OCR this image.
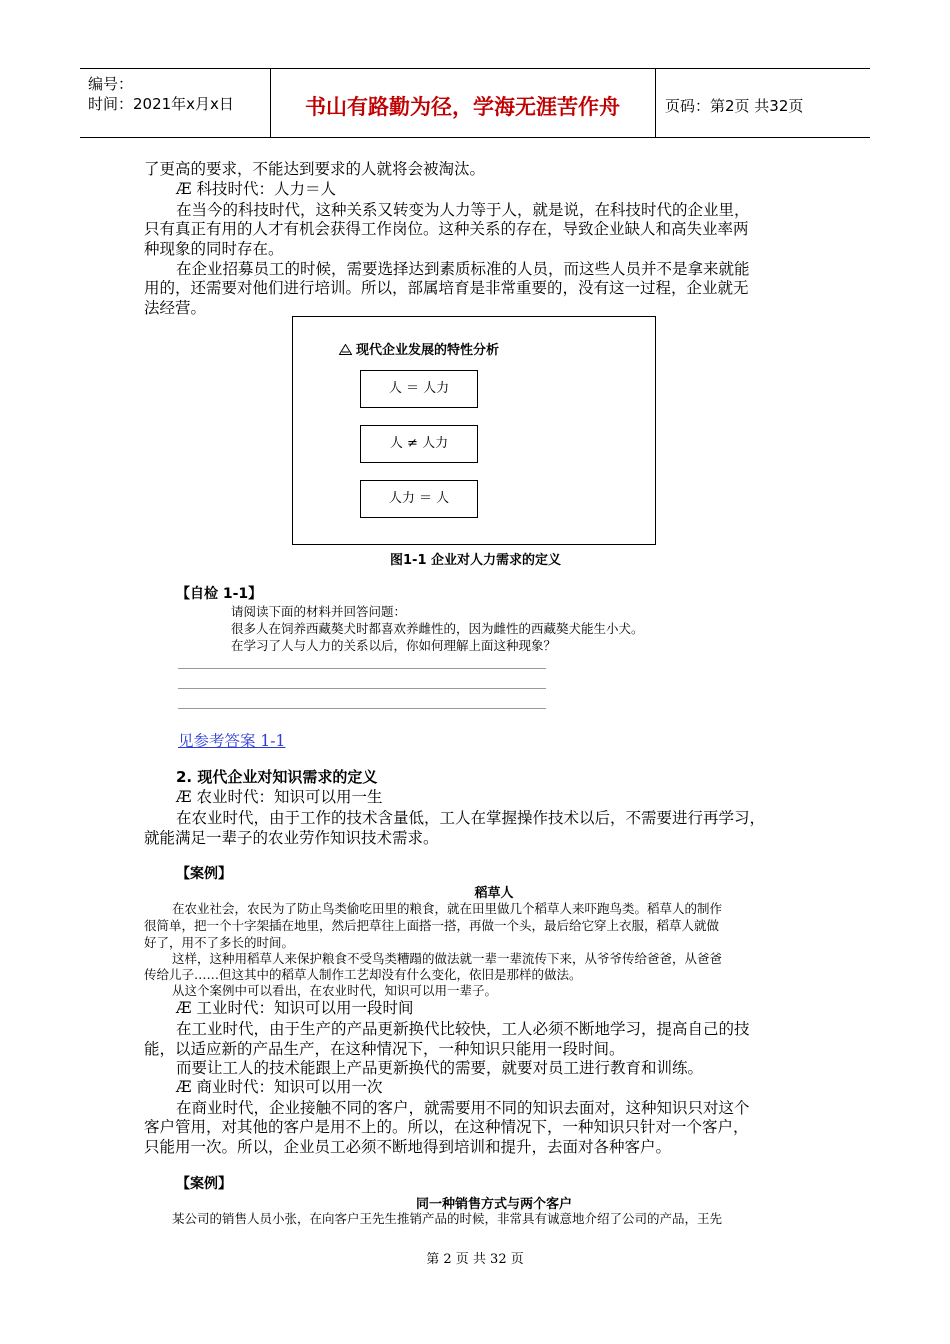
编号：
时间：2021年x月x日	书山有路勤为径，学海无涯苦作舟	页码：第2页 共32页
了更高的要求，不能达到要求的人就将会被淘汰。
Æ 科技时代：人力＝人
在当今的科技时代，这种关系又转变为人力等于人，就是说，在科技时代的企业里，
只有真正有用的人才有机会获得工作岗位。这种关系的存在，导致企业缺人和高失业率两
种现象的同时存在。
在企业招募员工的时候，需要选择达到素质标准的人员，而这些人员并不是拿来就能
用的，还需要对他们进行培训。所以，部属培育是非常重要的，没有这一过程，企业就无
法经营。
现代企业发展的特性分析
人 ＝ 人力
人 ≠ 人力
人力 ＝ 人
图1-1 企业对人力需求的定义
【自检 1-1】
请阅读下面的材料并回答问题：
很多人在饲养西藏獒犬时都喜欢养雌性的，因为雌性的西藏獒犬能生小犬。
在学习了人与人力的关系以后，你如何理解上面这种现象？
见参考答案 1-1
2. 现代企业对知识需求的定义
Æ 农业时代：知识可以用一生
在农业时代，由于工作的技术含量低，工人在掌握操作技术以后，不需要进行再学习，
就能满足一辈子的农业劳作知识技术需求。
【案例】
稻草人
在农业社会，农民为了防止鸟类偷吃田里的粮食，就在田里做几个稻草人来吓跑鸟类。稻草人的制作
很简单，把一个十字架插在地里，然后把草往上面搭一搭，再做一个头，最后给它穿上衣服，稻草人就做
好了，用不了多长的时间。
这样，这种用稻草人来保护粮食不受鸟类糟蹋的做法就一辈一辈流传下来，从爷爷传给爸爸，从爸爸
传给儿子……但这其中的稻草人制作工艺却没有什么变化，依旧是那样的做法。
从这个案例中可以看出，在农业时代，知识可以用一辈子。
Æ 工业时代：知识可以用一段时间
在工业时代，由于生产的产品更新换代比较快，工人必须不断地学习，提高自己的技
能，以适应新的产品生产，在这种情况下，一种知识只能用一段时间。
而要让工人的技术能跟上产品更新换代的需要，就要对员工进行教育和训练。
Æ 商业时代：知识可以用一次
在商业时代，企业接触不同的客户，就需要用不同的知识去面对，这种知识只对这个
客户管用，对其他的客户是用不上的。所以，在这种情况下，一种知识只针对一个客户，
只能用一次。所以，企业员工必须不断地得到培训和提升，去面对各种客户。
【案例】
同一种销售方式与两个客户
某公司的销售人员小张，在向客户王先生推销产品的时候，非常具有诚意地介绍了公司的产品，王先
第 2 页 共 32 页
